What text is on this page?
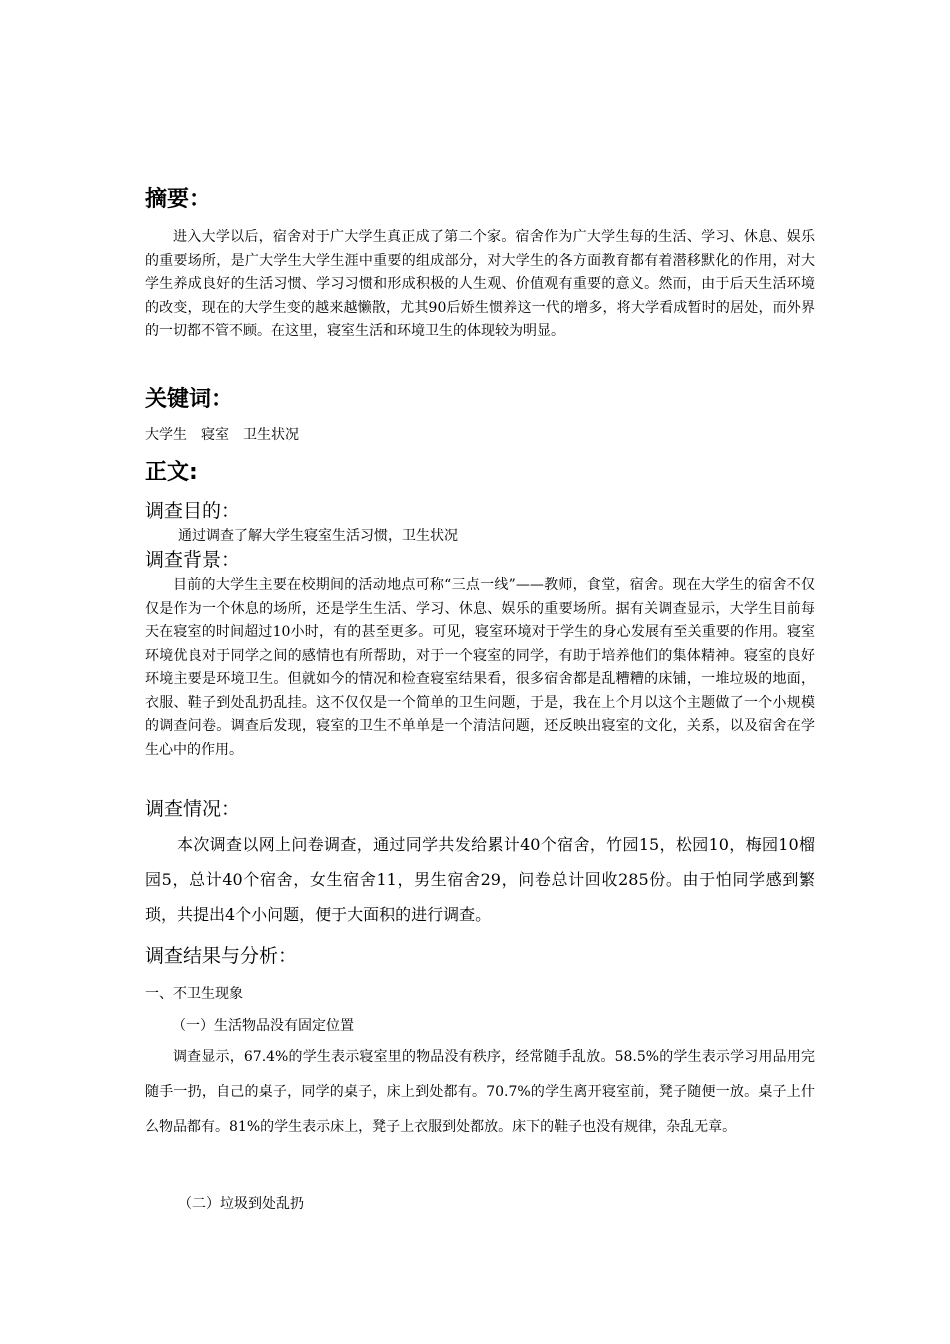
摘要：
进入大学以后，宿舍对于广大学生真正成了第二个家。宿舍作为广大学生每的生活、学习、休息、娱乐的重要场所，是广大学生大学生涯中重要的组成部分，对大学生的各方面教育都有着潜移默化的作用，对大学生养成良好的生活习惯、学习习惯和形成积极的人生观、价值观有重要的意义。然而，由于后天生活环境的改变，现在的大学生变的越来越懒散，尤其90后娇生惯养这一代的增多，将大学看成暂时的居处，而外界的一切都不管不顾。在这里，寝室生活和环境卫生的体现较为明显。
关键词：
大学生　寝室　卫生状况
正文:
调查目的：
通过调查了解大学生寝室生活习惯，卫生状况
调查背景：
目前的大学生主要在校期间的活动地点可称“三点一线”——教师，食堂，宿舍。现在大学生的宿舍不仅仅是作为一个休息的场所，还是学生生活、学习、休息、娱乐的重要场所。据有关调查显示，大学生目前每天在寝室的时间超过10小时，有的甚至更多。可见，寝室环境对于学生的身心发展有至关重要的作用。寝室环境优良对于同学之间的感情也有所帮助，对于一个寝室的同学，有助于培养他们的集体精神。寝室的良好环境主要是环境卫生。但就如今的情况和检查寝室结果看，很多宿舍都是乱糟糟的床铺，一堆垃圾的地面，衣服、鞋子到处乱扔乱挂。这不仅仅是一个简单的卫生问题，于是，我在上个月以这个主题做了一个小规模的调查问卷。调查后发现，寝室的卫生不单单是一个清洁问题，还反映出寝室的文化，关系，以及宿舍在学生心中的作用。
调查情况：
本次调查以网上问卷调查，通过同学共发给累计40个宿舍，竹园15，松园10，梅园10榴园5，总计40个宿舍，女生宿舍11，男生宿舍29，问卷总计回收285份。由于怕同学感到繁琐，共提出4个小问题，便于大面积的进行调查。
调查结果与分析：
一、不卫生现象
（一）生活物品没有固定位置
调查显示，67.4%的学生表示寝室里的物品没有秩序，经常随手乱放。58.5%的学生表示学习用品用完随手一扔，自己的桌子，同学的桌子，床上到处都有。70.7%的学生离开寝室前，凳子随便一放。桌子上什么物品都有。81%的学生表示床上，凳子上衣服到处都放。床下的鞋子也没有规律，杂乱无章。
（二）垃圾到处乱扔
